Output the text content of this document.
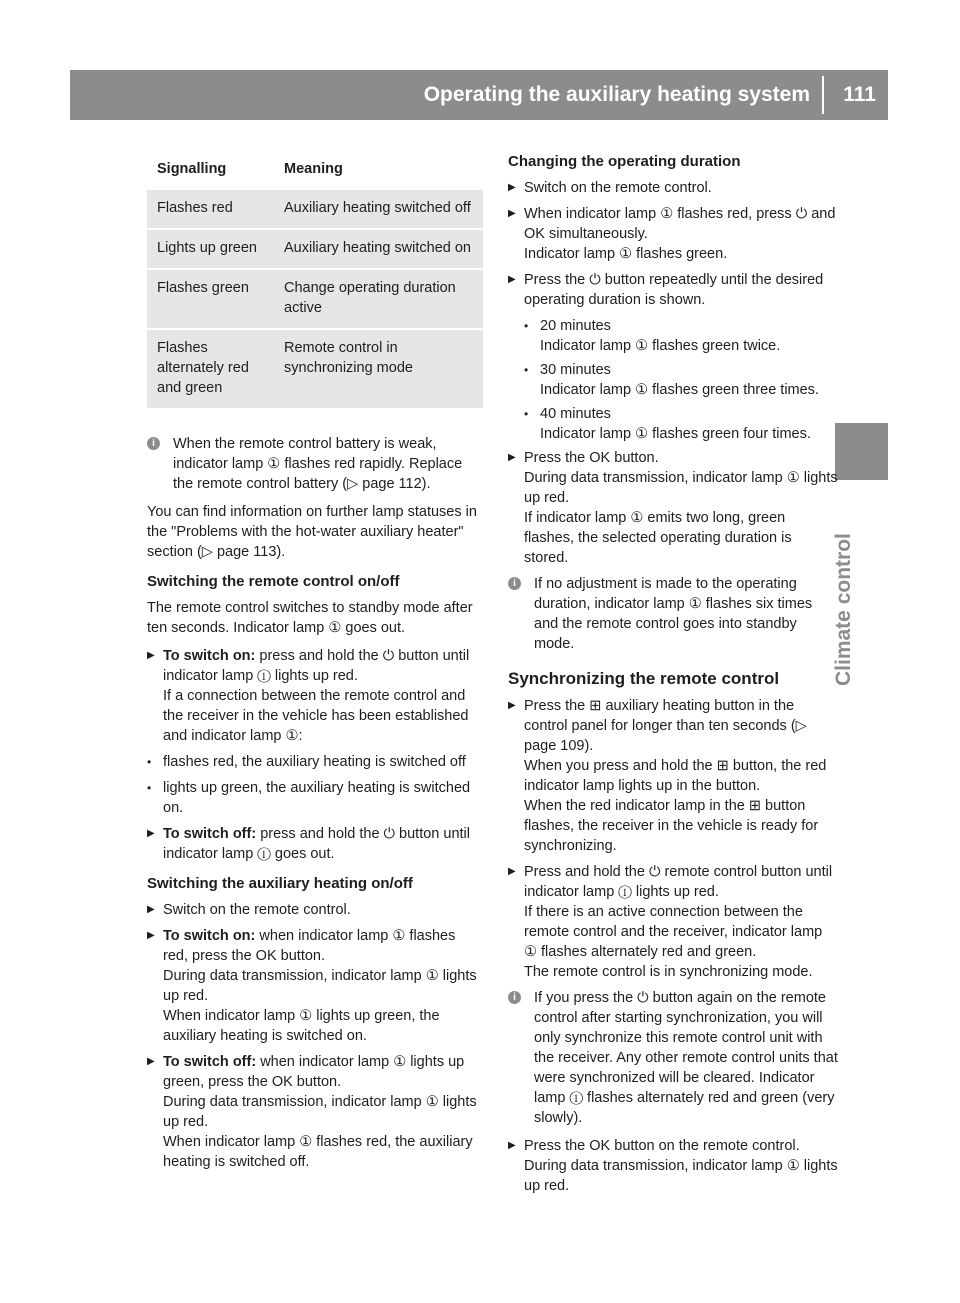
Operating the auxiliary heating system 111
Climate control
Signalling	Meaning
Flashes red	Auxiliary heating switched off
Lights up green	Auxiliary heating switched on
Flashes green	Change operating duration active
Flashes alternately red and green	Remote control in synchronizing mode
i	When the remote control battery is weak, indicator lamp ① flashes red rapidly. Replace the remote control battery (▷ page 112).

You can find information on further lamp statuses in the "Problems with the hot-water auxiliary heater" section (▷ page 113).

Switching the remote control on/off

The remote control switches to standby mode after ten seconds. Indicator lamp ① goes out.

▶ To switch on: press and hold the ⏻ button until indicator lamp ① lights up red.
If a connection between the remote control and the receiver in the vehicle has been established and indicator lamp ①:
• flashes red, the auxiliary heating is switched off
• lights up green, the auxiliary heating is switched on.
▶ To switch off: press and hold the ⏻ button until indicator lamp ① goes out.
Switching the auxiliary heating on/off
▶ Switch on the remote control.
▶ To switch on: when indicator lamp ① flashes red, press the OK button.
During data transmission, indicator lamp ① lights up red.
When indicator lamp ① lights up green, the auxiliary heating is switched on.
▶ To switch off: when indicator lamp ① lights up green, press the OK button.
During data transmission, indicator lamp ① lights up red.
When indicator lamp ① flashes red, the auxiliary heating is switched off.
Changing the operating duration
▶ Switch on the remote control.
▶ When indicator lamp ① flashes red, press ⏻ and OK simultaneously.
Indicator lamp ① flashes green.
▶ Press the ⏻ button repeatedly until the desired operating duration is shown.
• 20 minutes
Indicator lamp ① flashes green twice.
• 30 minutes
Indicator lamp ① flashes green three times.
• 40 minutes
Indicator lamp ① flashes green four times.
▶ Press the OK button.
During data transmission, indicator lamp ① lights up red.
If indicator lamp ① emits two long, green flashes, the selected operating duration is stored.
i	If no adjustment is made to the operating duration, indicator lamp ① flashes six times and the remote control goes into standby mode.
Synchronizing the remote control
▶ Press the ⊞ auxiliary heating button in the control panel for longer than ten seconds (▷ page 109).
When you press and hold the ⊞ button, the red indicator lamp lights up in the button.
When the red indicator lamp in the ⊞ button flashes, the receiver in the vehicle is ready for synchronizing.
▶ Press and hold the ⏻ remote control button until indicator lamp ① lights up red.
If there is an active connection between the remote control and the receiver, indicator lamp ① flashes alternately red and green.
The remote control is in synchronizing mode.
i	If you press the ⏻ button again on the remote control after starting synchronization, you will only synchronize this remote control unit with the receiver. Any other remote control units that were synchronized will be cleared. Indicator lamp ① flashes alternately red and green (very slowly).
▶ Press the OK button on the remote control.
During data transmission, indicator lamp ① lights up red.
